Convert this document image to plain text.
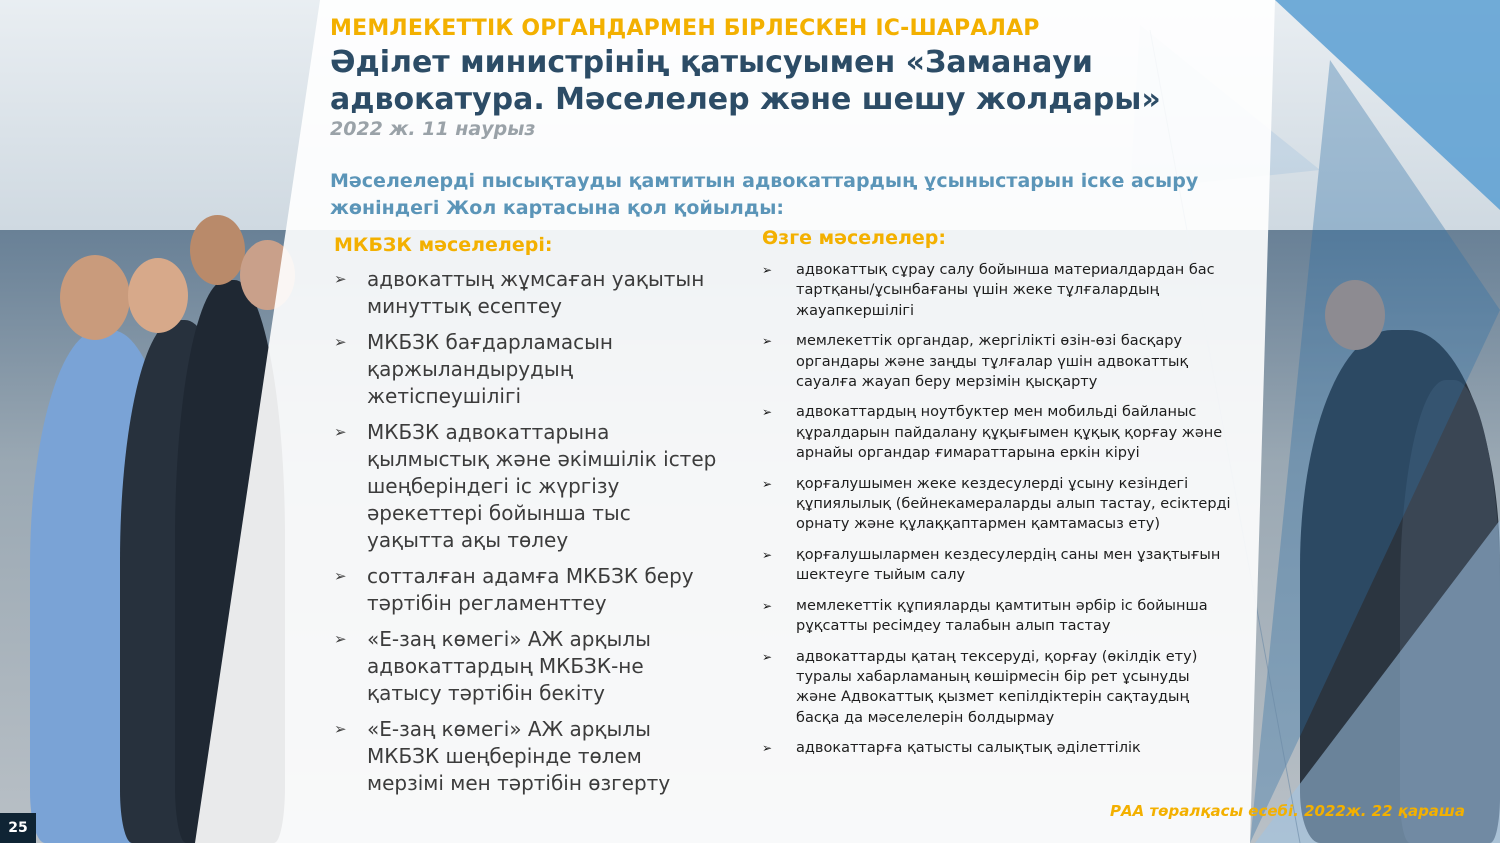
МЕМЛЕКЕТТІК ОРГАНДАРМЕН БІРЛЕСКЕН ІС-ШАРАЛАР
Әділет министрінің қатысуымен «Заманауи адвокатура. Мәселелер және шешу жолдары»
2022 ж. 11 наурыз
Мәселелерді пысықтауды қамтитын адвокаттардың ұсыныстарын іске асыру жөніндегі Жол картасына қол қойылды:
МКБЗК мәселелері:
➢ адвокаттың жұмсаған уақытын минуттық есептеу
➢ МКБЗК бағдарламасын қаржыландырудың жетіспеушілігі
➢ МКБЗК адвокаттарына қылмыстық және әкімшілік істер шеңберіндегі іс жүргізу әрекеттері бойынша тыс уақытта ақы төлеу
➢ сотталған адамға МКБЗК беру тәртібін регламенттеу
➢ «Е-заң көмегі» АЖ арқылы адвокаттардың МКБЗК-не қатысу тәртібін бекіту
➢ «Е-заң көмегі» АЖ арқылы МКБЗК шеңберінде төлем мерзімі мен тәртібін өзгерту
Өзге мәселелер:
➢ адвокаттық сұрау салу бойынша материалдардан бас тартқаны/ұсынбағаны үшін жеке тұлғалардың жауапкершілігі
➢ мемлекеттік органдар, жергілікті өзін-өзі басқару органдары және заңды тұлғалар үшін адвокаттық сауалға жауап беру мерзімін қысқарту
➢ адвокаттардың ноутбуктер мен мобильді байланыс құралдарын пайдалану құқығымен құқық қорғау және арнайы органдар ғимараттарына еркін кіруі
➢ қорғалушымен жеке кездесулерді ұсыну кезіндегі құпиялылық (бейнекамераларды алып тастау, есіктерді орнату және құлаққаптармен қамтамасыз ету)
➢ қорғалушылармен кездесулердің саны мен ұзақтығын шектеуге тыйым салу
➢ мемлекеттік құпияларды қамтитын әрбір іс бойынша рұқсатты ресімдеу талабын алып тастау
➢ адвокаттарды қатаң тексеруді, қорғау (өкілдік ету) туралы хабарламаның көшірмесін бір рет ұсынуды және Адвокаттық қызмет кепілдіктерін сақтаудың басқа да мәселелерін болдырмау
➢ адвокаттарға қатысты салықтық әділеттілік
РАА төралқасы есебі. 2022ж. 22 қараша
25
